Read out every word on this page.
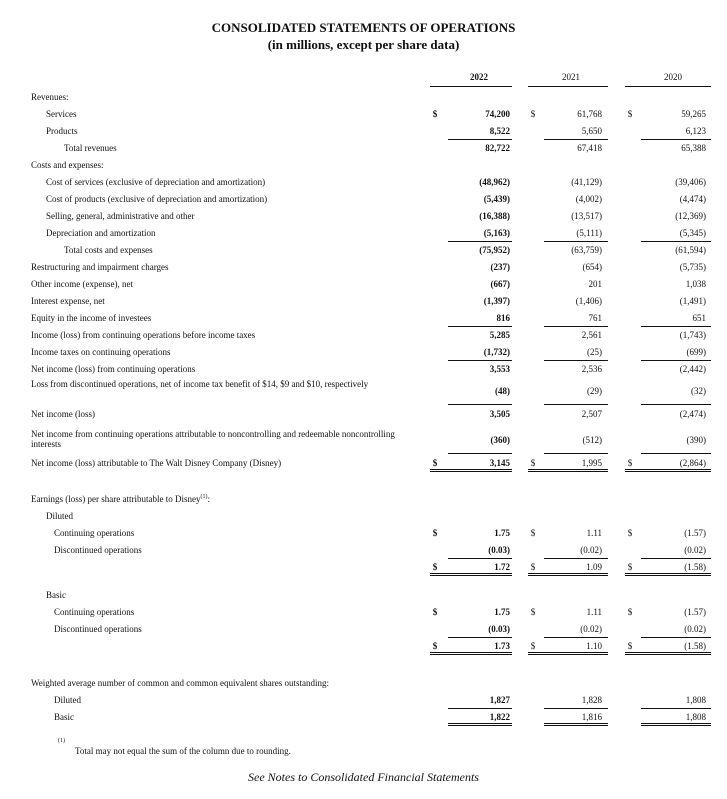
CONSOLIDATED STATEMENTS OF OPERATIONS
(in millions, except per share data)
2022	2021	2020
Revenues:
Services	$	74,200	$	61,768	$	59,265
Products	8,522	5,650	6,123
Total revenues	82,722	67,418	65,388
Costs and expenses:
Cost of services (exclusive of depreciation and amortization)	(48,962)	(41,129)	(39,406)
Cost of products (exclusive of depreciation and amortization)	(5,439)	(4,002)	(4,474)
Selling, general, administrative and other	(16,388)	(13,517)	(12,369)
Depreciation and amortization	(5,163)	(5,111)	(5,345)
Total costs and expenses	(75,952)	(63,759)	(61,594)
Restructuring and impairment charges	(237)	(654)	(5,735)
Other income (expense), net	(667)	201	1,038
Interest expense, net	(1,397)	(1,406)	(1,491)
Equity in the income of investees	816	761	651
Income (loss) from continuing operations before income taxes	5,285	2,561	(1,743)
Income taxes on continuing operations	(1,732)	(25)	(699)
Net income (loss) from continuing operations	3,553	2,536	(2,442)
Loss from discontinued operations, net of income tax benefit of $14, $9 and $10, respectively
(48)	(29)	(32)
Net income (loss)	3,505	2,507	(2,474)
Net income from continuing operations attributable to noncontrolling and redeemable noncontrolling interests	(360)	(512)	(390)
Net income (loss) attributable to The Walt Disney Company (Disney)	$	3,145	$	1,995	$	(2,864)
Earnings (loss) per share attributable to Disney$^{(1)}$:
Diluted
Continuing operations	$	1.75	$	1.11	$	(1.57)
Discontinued operations	(0.03)	(0.02)	(0.02)
$	1.72	$	1.09	$	(1.58)
Basic
Continuing operations	$	1.75	$	1.11	$	(1.57)
Discontinued operations	(0.03)	(0.02)	(0.02)
$	1.73	$	1.10	$	(1.58)
Weighted average number of common and common equivalent shares outstanding:
Diluted	1,827	1,828	1,808
Basic	1,822	1,816	1,808
(1)
Total may not equal the sum of the column due to rounding.
See Notes to Consolidated Financial Statements
